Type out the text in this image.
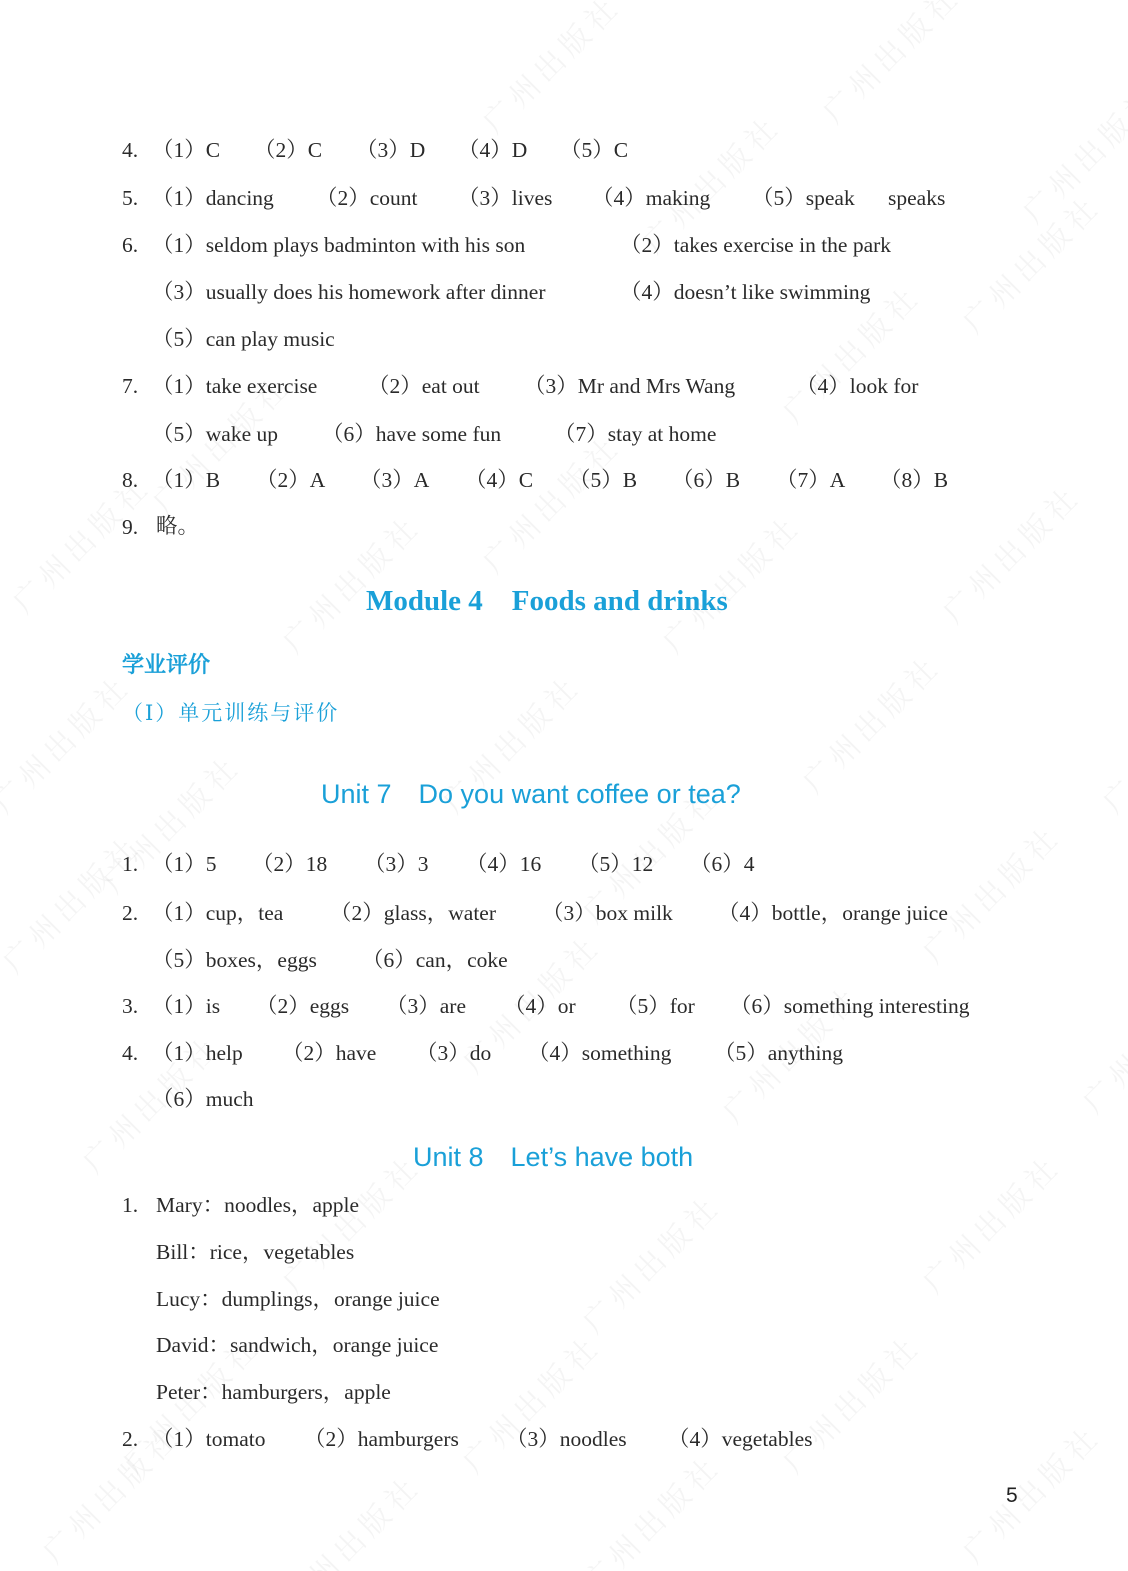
4. （1）C （2）C （3）D （4）D （5）C
5. （1）dancing （2）count （3）lives （4）making （5）speak speaks
6. （1）seldom plays badminton with his son	（2）takes exercise in the park
（3）usually does his homework after dinner	（4）doesn’t like swimming
（5）can play music
7. （1）take exercise （2）eat out （3）Mr and Mrs Wang	（4）look for
（5）wake up （6）have some fun （7）stay at home
8. （1）B （2）A （3）A （4）C （5）B （6）B （7）A （8）B
9. 略。
Module 4　Foods and drinks
学业评价
（Ⅰ）单元训练与评价
Unit 7　Do you want coffee or tea?
1. （1）5 （2）18 （3）3 （4）16 （5）12 （6）4
2. （1）cup，tea （2）glass，water （3）box milk （4）bottle，orange juice
（5）boxes，eggs （6）can，coke
3. （1）is （2）eggs （3）are （4）or （5）for （6）something interesting
4. （1）help （2）have （3）do （4）something （5）anything
（6）much
Unit 8　Let’s have both
1. Mary：noodles，apple
Bill：rice，vegetables
Lucy：dumplings，orange juice
David：sandwich，orange juice
Peter：hamburgers，apple
2. （1）tomato （2）hamburgers （3）noodles （4）vegetables
5
